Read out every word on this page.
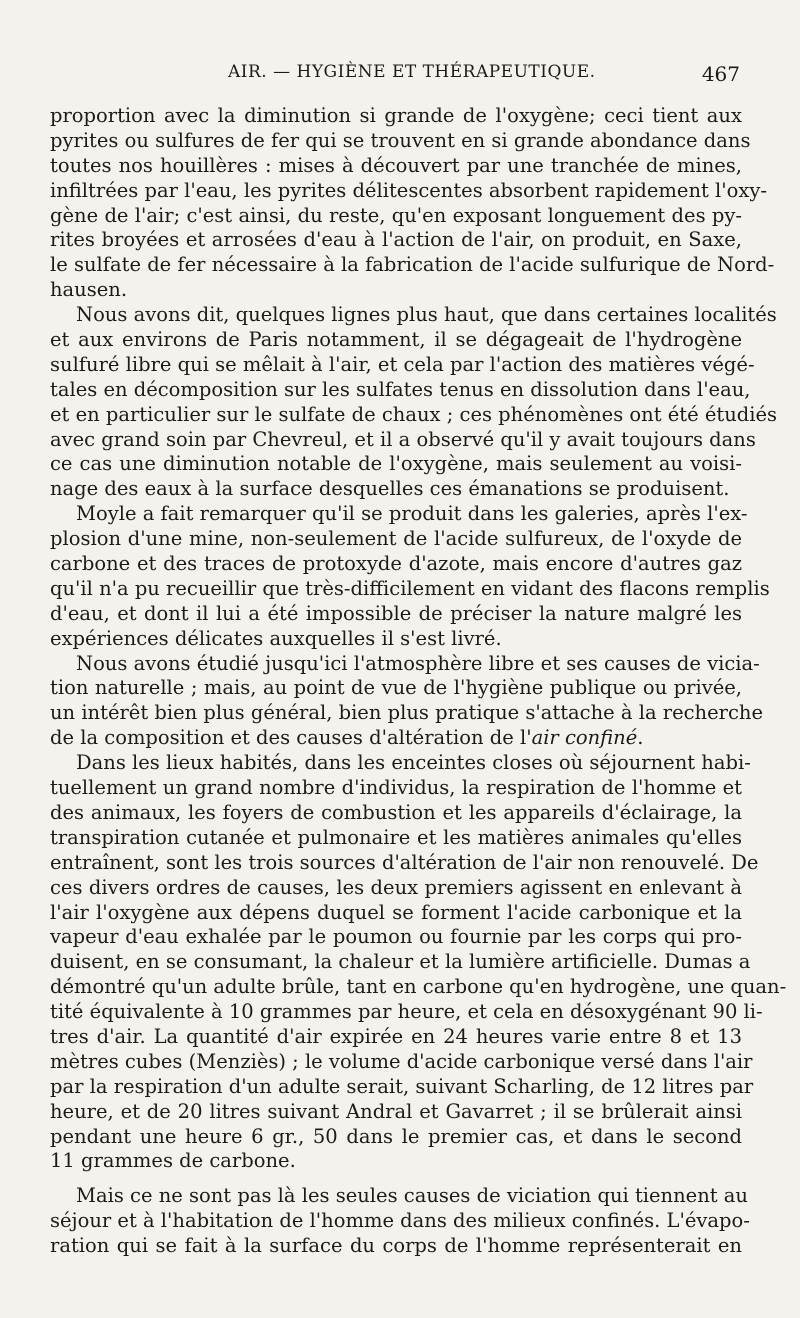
AIR. — HYGIÈNE ET THÉRAPEUTIQUE.	467
proportion avec la diminution si grande de l'oxygène; ceci tient aux
pyrites ou sulfures de fer qui se trouvent en si grande abondance dans
toutes nos houillères : mises à découvert par une tranchée de mines,
infiltrées par l'eau, les pyrites délitescentes absorbent rapidement l'oxy-
gène de l'air; c'est ainsi, du reste, qu'en exposant longuement des py-
rites broyées et arrosées d'eau à l'action de l'air, on produit, en Saxe,
le sulfate de fer nécessaire à la fabrication de l'acide sulfurique de Nord-
hausen.
Nous avons dit, quelques lignes plus haut, que dans certaines localités
et aux environs de Paris notamment, il se dégageait de l'hydrogène
sulfuré libre qui se mêlait à l'air, et cela par l'action des matières végé-
tales en décomposition sur les sulfates tenus en dissolution dans l'eau,
et en particulier sur le sulfate de chaux ; ces phénomènes ont été étudiés
avec grand soin par Chevreul, et il a observé qu'il y avait toujours dans
ce cas une diminution notable de l'oxygène, mais seulement au voisi-
nage des eaux à la surface desquelles ces émanations se produisent.
Moyle a fait remarquer qu'il se produit dans les galeries, après l'ex-
plosion d'une mine, non-seulement de l'acide sulfureux, de l'oxyde de
carbone et des traces de protoxyde d'azote, mais encore d'autres gaz
qu'il n'a pu recueillir que très-difficilement en vidant des flacons remplis
d'eau, et dont il lui a été impossible de préciser la nature malgré les
expériences délicates auxquelles il s'est livré.
Nous avons étudié jusqu'ici l'atmosphère libre et ses causes de vicia-
tion naturelle ; mais, au point de vue de l'hygiène publique ou privée,
un intérêt bien plus général, bien plus pratique s'attache à la recherche
de la composition et des causes d'altération de l'air confiné.
Dans les lieux habités, dans les enceintes closes où séjournent habi-
tuellement un grand nombre d'individus, la respiration de l'homme et
des animaux, les foyers de combustion et les appareils d'éclairage, la
transpiration cutanée et pulmonaire et les matières animales qu'elles
entraînent, sont les trois sources d'altération de l'air non renouvelé. De
ces divers ordres de causes, les deux premiers agissent en enlevant à
l'air l'oxygène aux dépens duquel se forment l'acide carbonique et la
vapeur d'eau exhalée par le poumon ou fournie par les corps qui pro-
duisent, en se consumant, la chaleur et la lumière artificielle. Dumas a
démontré qu'un adulte brûle, tant en carbone qu'en hydrogène, une quan-
tité équivalente à 10 grammes par heure, et cela en désoxygénant 90 li-
tres d'air. La quantité d'air expirée en 24 heures varie entre 8 et 13
mètres cubes (Menziès) ; le volume d'acide carbonique versé dans l'air
par la respiration d'un adulte serait, suivant Scharling, de 12 litres par
heure, et de 20 litres suivant Andral et Gavarret ; il se brûlerait ainsi
pendant une heure 6 gr., 50 dans le premier cas, et dans le second
11 grammes de carbone.
Mais ce ne sont pas là les seules causes de viciation qui tiennent au
séjour et à l'habitation de l'homme dans des milieux confinés. L'évapo-
ration qui se fait à la surface du corps de l'homme représenterait en
